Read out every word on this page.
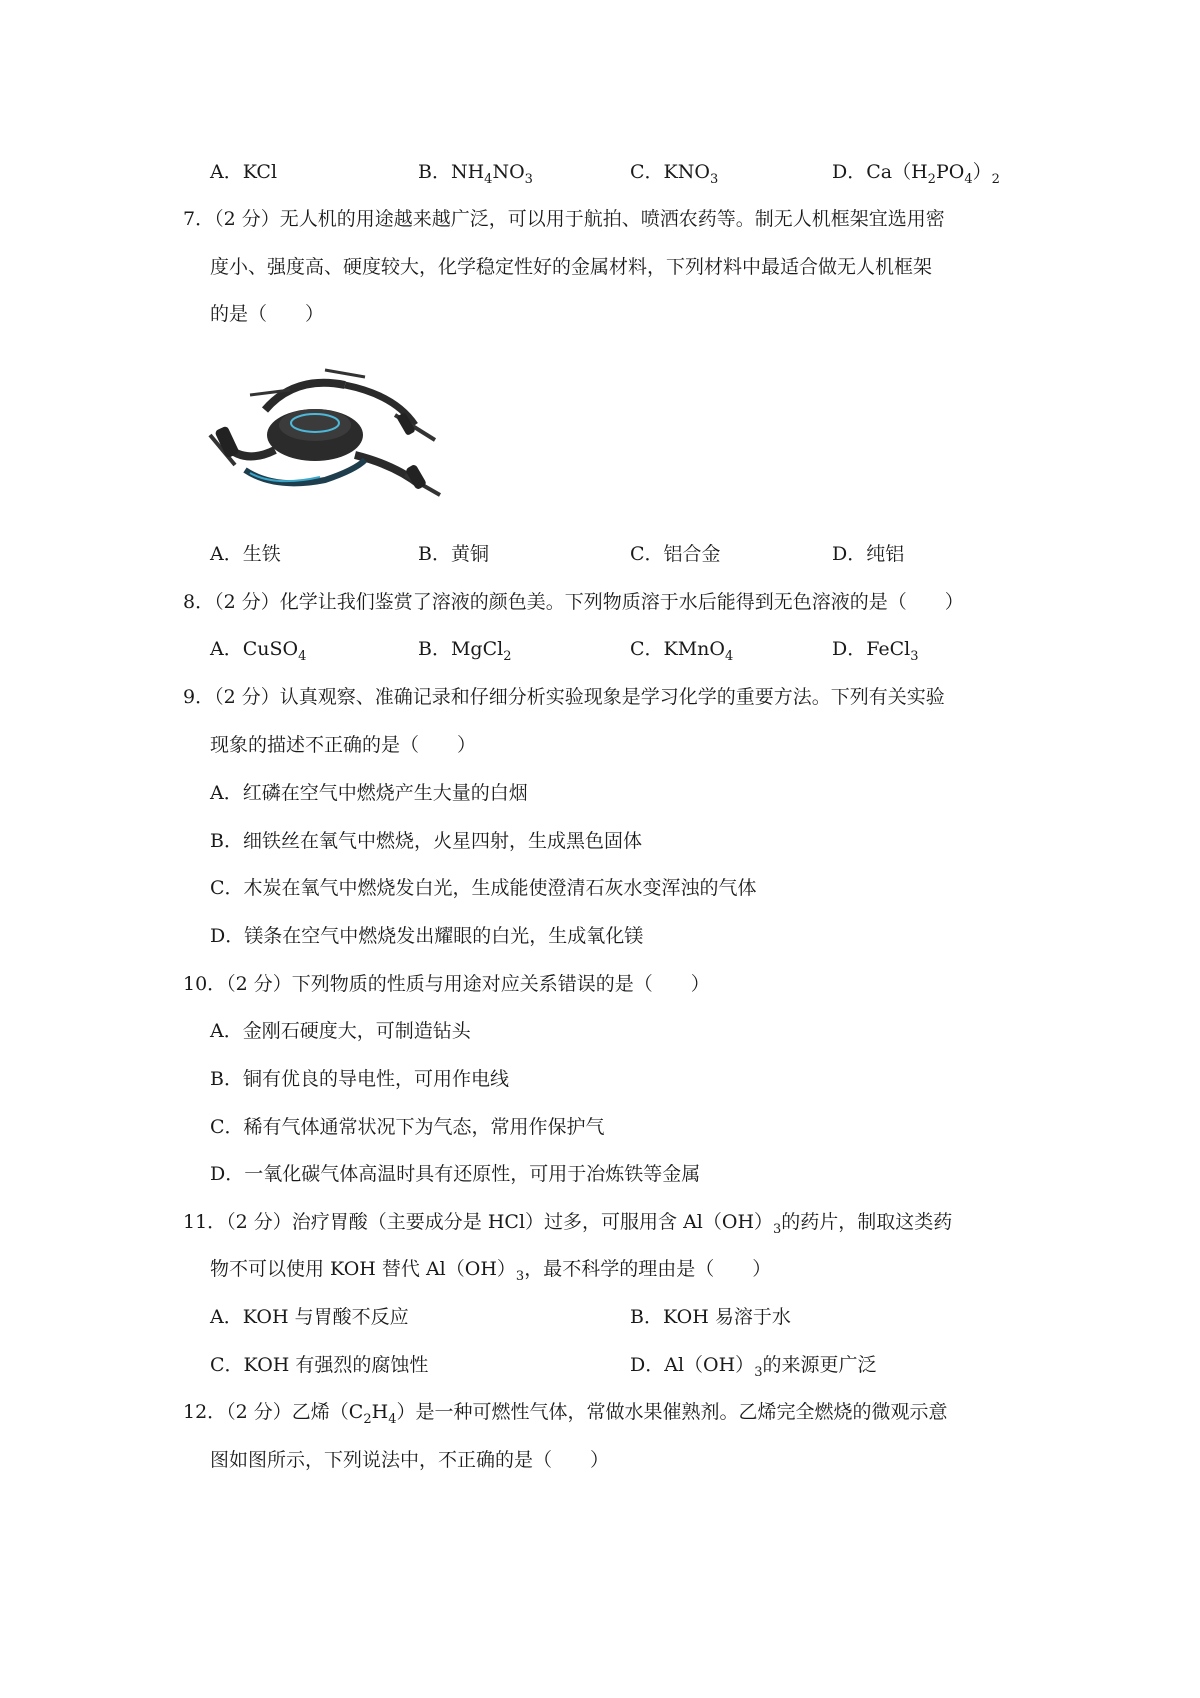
A．KCl	B．$NH_4NO_3$	C．$KNO_3$	D．$Ca(H_2PO_4)_2$
7．（2 分）无人机的用途越来越广泛，可以用于航拍、喷洒农药等。制无人机框架宜选用密
度小、强度高、硬度较大，化学稳定性好的金属材料，下列材料中最适合做无人机框架
的是（　　）
A．生铁	B．黄铜	C．铝合金	D．纯铝
8．（2 分）化学让我们鉴赏了溶液的颜色美。下列物质溶于水后能得到无色溶液的是（　　）
A．CuSO$_4$	B．MgCl$_2$	C．KMnO$_4$	D．FeCl$_3$
9．（2 分）认真观察、准确记录和仔细分析实验现象是学习化学的重要方法。下列有关实验
现象的描述不正确的是（　　）
A．红磷在空气中燃烧产生大量的白烟
B．细铁丝在氧气中燃烧，火星四射，生成黑色固体
C．木炭在氧气中燃烧发白光，生成能使澄清石灰水变浑浊的气体
D．镁条在空气中燃烧发出耀眼的白光，生成氧化镁
10．（2 分）下列物质的性质与用途对应关系错误的是（　　）
A．金刚石硬度大，可制造钻头
B．铜有优良的导电性，可用作电线
C．稀有气体通常状况下为气态，常用作保护气
D．一氧化碳气体高温时具有还原性，可用于冶炼铁等金属
11．（2 分）治疗胃酸（主要成分是 HCl）过多，可服用含 $Al(OH)_3$的药片，制取这类药
物不可以使用 KOH 替代 $Al(OH)_3$，最不科学的理由是（　　）
A．KOH 与胃酸不反应	B．KOH 易溶于水
C．KOH 有强烈的腐蚀性	D．$Al(OH)_3$的来源更广泛
12．（2 分）乙烯$(C_2H_4)$是一种可燃性气体，常做水果催熟剂。乙烯完全燃烧的微观示意
图如图所示，下列说法中，不正确的是（　　）
